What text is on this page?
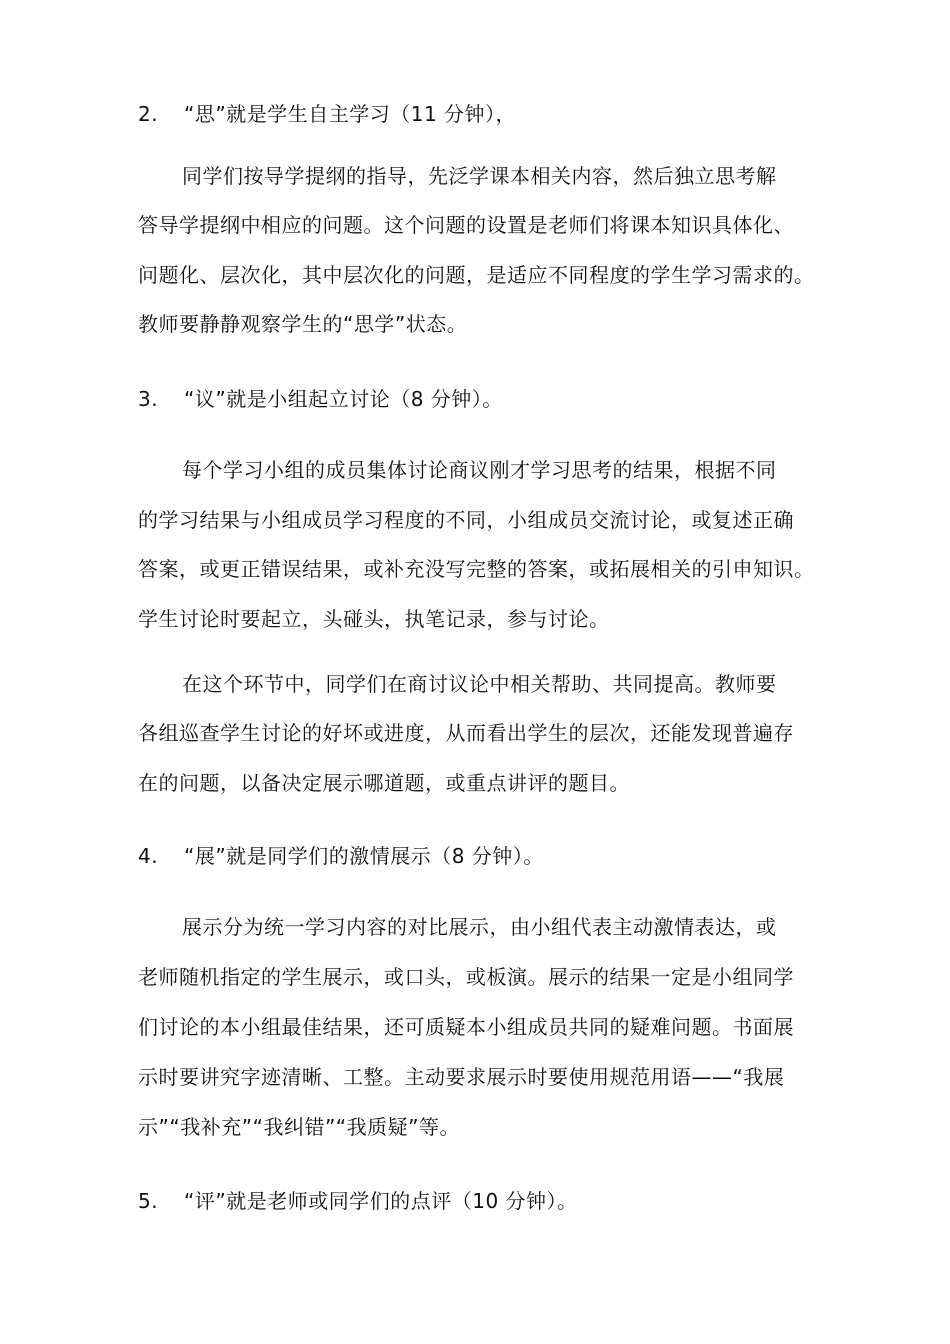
2. “思”就是学生自主学习（11 分钟），
同学们按导学提纲的指导，先泛学课本相关内容，然后独立思考解
答导学提纲中相应的问题。这个问题的设置是老师们将课本知识具体化、
问题化、层次化，其中层次化的问题，是适应不同程度的学生学习需求的。
教师要静静观察学生的“思学”状态。
3. “议”就是小组起立讨论（8 分钟）。
每个学习小组的成员集体讨论商议刚才学习思考的结果，根据不同
的学习结果与小组成员学习程度的不同，小组成员交流讨论，或复述正确
答案，或更正错误结果，或补充没写完整的答案，或拓展相关的引申知识。
学生讨论时要起立，头碰头，执笔记录，参与讨论。
在这个环节中，同学们在商讨议论中相关帮助、共同提高。教师要
各组巡查学生讨论的好坏或进度，从而看出学生的层次，还能发现普遍存
在的问题，以备决定展示哪道题，或重点讲评的题目。
4. “展”就是同学们的激情展示（8 分钟）。
展示分为统一学习内容的对比展示，由小组代表主动激情表达，或
老师随机指定的学生展示，或口头，或板演。展示的结果一定是小组同学
们讨论的本小组最佳结果，还可质疑本小组成员共同的疑难问题。书面展
示时要讲究字迹清晰、工整。主动要求展示时要使用规范用语——“我展
示”“我补充”“我纠错”“我质疑”等。
5. “评”就是老师或同学们的点评（10 分钟）。
